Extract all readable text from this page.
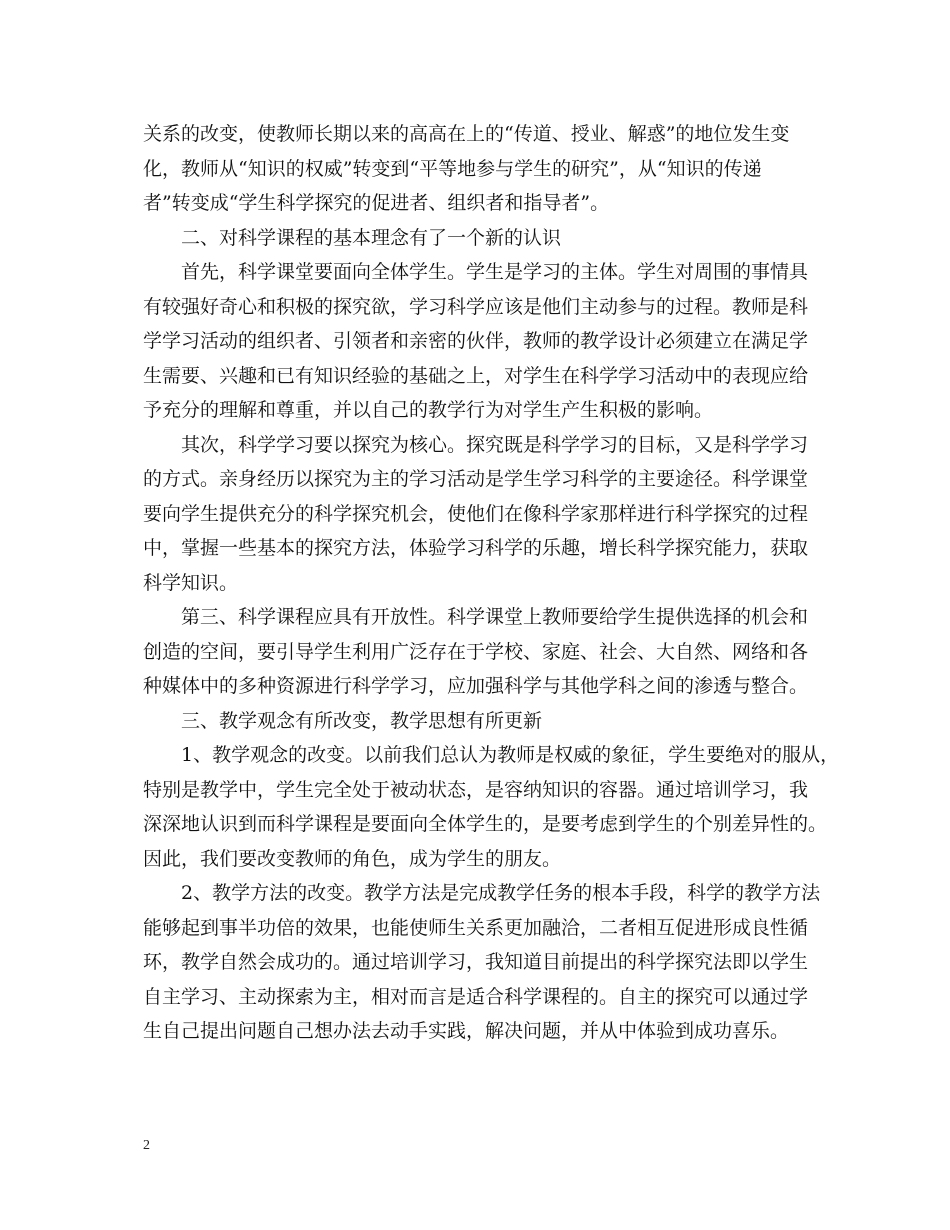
关系的改变，使教师长期以来的高高在上的“传道、授业、解惑”的地位发生变
化，教师从“知识的权威”转变到“平等地参与学生的研究”，从“知识的传递
者”转变成“学生科学探究的促进者、组织者和指导者”。
二、对科学课程的基本理念有了一个新的认识
首先，科学课堂要面向全体学生。学生是学习的主体。学生对周围的事情具
有较强好奇心和积极的探究欲，学习科学应该是他们主动参与的过程。教师是科
学学习活动的组织者、引领者和亲密的伙伴，教师的教学设计必须建立在满足学
生需要、兴趣和已有知识经验的基础之上，对学生在科学学习活动中的表现应给
予充分的理解和尊重，并以自己的教学行为对学生产生积极的影响。
其次，科学学习要以探究为核心。探究既是科学学习的目标，又是科学学习
的方式。亲身经历以探究为主的学习活动是学生学习科学的主要途径。科学课堂
要向学生提供充分的科学探究机会，使他们在像科学家那样进行科学探究的过程
中，掌握一些基本的探究方法，体验学习科学的乐趣，增长科学探究能力，获取
科学知识。
第三、科学课程应具有开放性。科学课堂上教师要给学生提供选择的机会和
创造的空间，要引导学生利用广泛存在于学校、家庭、社会、大自然、网络和各
种媒体中的多种资源进行科学学习，应加强科学与其他学科之间的渗透与整合。
三、教学观念有所改变，教学思想有所更新
1、教学观念的改变。以前我们总认为教师是权威的象征，学生要绝对的服从，
特别是教学中，学生完全处于被动状态，是容纳知识的容器。通过培训学习，我
深深地认识到而科学课程是要面向全体学生的，是要考虑到学生的个别差异性的。
因此，我们要改变教师的角色，成为学生的朋友。
2、教学方法的改变。教学方法是完成教学任务的根本手段，科学的教学方法
能够起到事半功倍的效果，也能使师生关系更加融洽，二者相互促进形成良性循
环，教学自然会成功的。通过培训学习，我知道目前提出的科学探究法即以学生
自主学习、主动探索为主，相对而言是适合科学课程的。自主的探究可以通过学
生自己提出问题自己想办法去动手实践，解决问题，并从中体验到成功喜乐。
2
